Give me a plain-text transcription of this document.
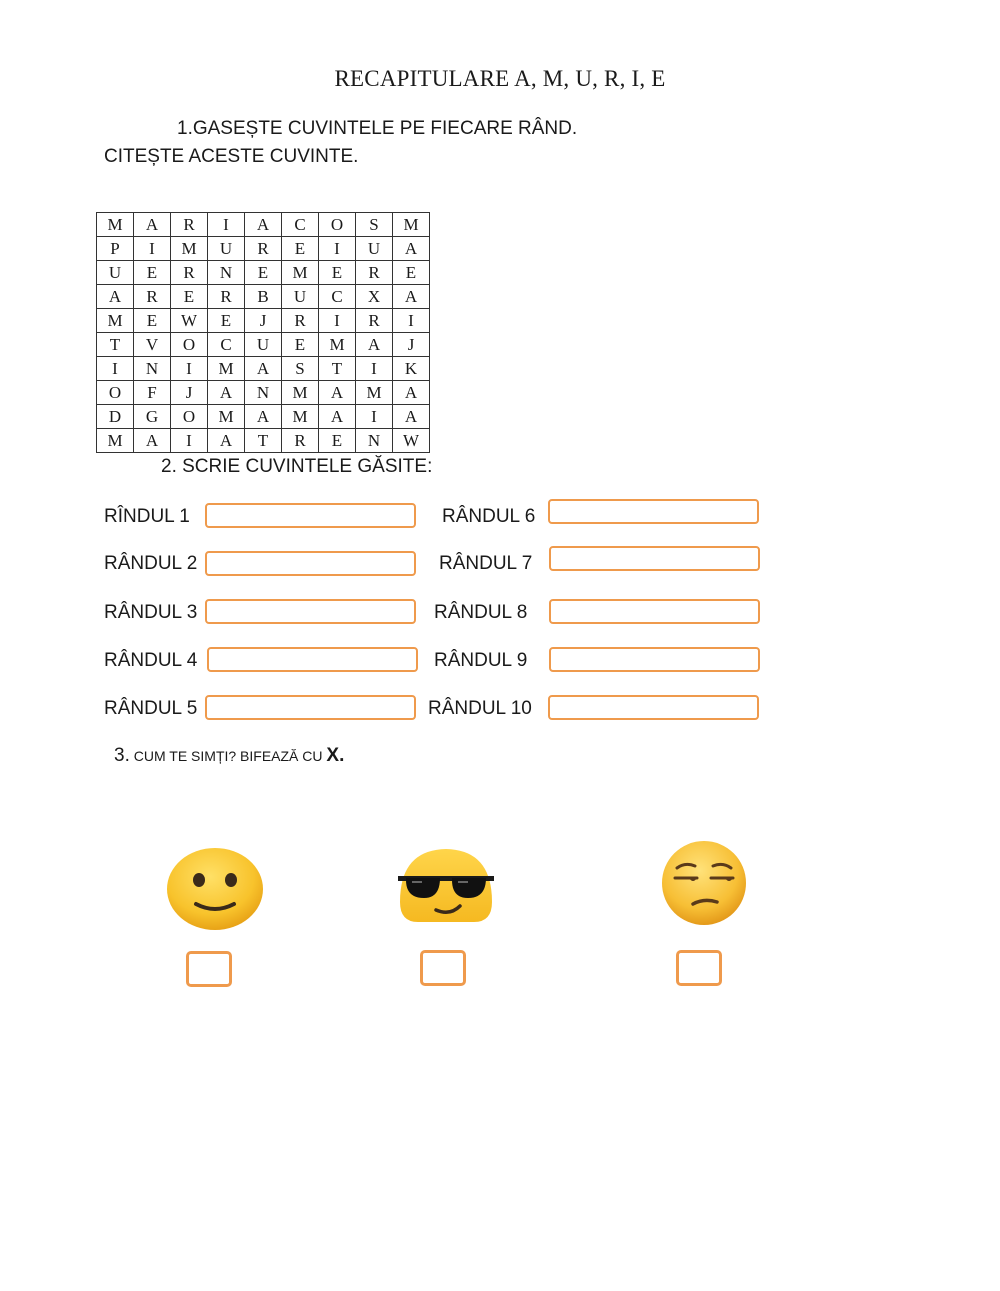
RECAPITULARE A, M, U, R, I, E
1.GASEȘTE CUVINTELE PE FIECARE RÂND.
CITEȘTE ACESTE CUVINTE.
M	A	R	I	A	C	O	S	M
P	I	M	U	R	E	I	U	A
U	E	R	N	E	M	E	R	E
A	R	E	R	B	U	C	X	A
M	E	W	E	J	R	I	R	I
T	V	O	C	U	E	M	A	J
I	N	I	M	A	S	T	I	K
O	F	J	A	N	M	A	M	A
D	G	O	M	A	M	A	I	A
M	A	I	A	T	R	E	N	W
2. SCRIE CUVINTELE GĂSITE:
RÎNDUL 1
RÂNDUL 2
RÂNDUL 3
RÂNDUL 4
RÂNDUL 5
RÂNDUL 6
RÂNDUL 7
RÂNDUL 8
RÂNDUL 9
RÂNDUL 10
3. CUM TE SIMȚI? BIFEAZĂ CU X.
